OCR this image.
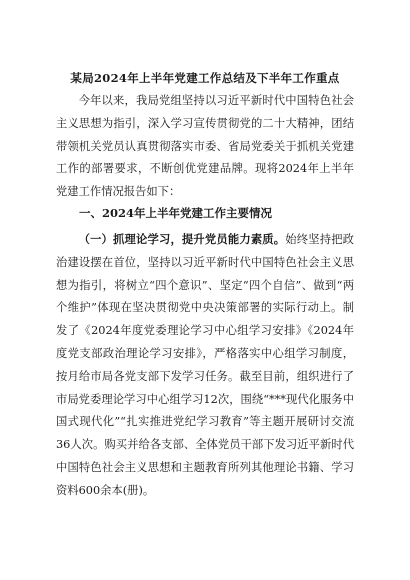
某局2024年上半年党建工作总结及下半年工作重点

今年以来，我局党组坚持以习近平新时代中国特色社会主义思想为指引，深入学习宣传贯彻党的二十大精神，团结带领机关党员认真贯彻落实市委、省局党委关于抓机关党建工作的部署要求，不断创优党建品牌。现将2024年上半年党建工作情况报告如下：

一、2024年上半年党建工作主要情况

（一）抓理论学习，提升党员能力素质。始终坚持把政治建设摆在首位，坚持以习近平新时代中国特色社会主义思想为指引，将树立“四个意识”、坚定“四个自信”、做到“两个维护”体现在坚决贯彻党中央决策部署的实际行动上。制发了《2024年度党委理论学习中心组学习安排》《2024年度党支部政治理论学习安排》，严格落实中心组学习制度，按月给市局各党支部下发学习任务。截至目前，组织进行了市局党委理论学习中心组学习12次，围绕“***现代化服务中国式现代化”“扎实推进党纪学习教育”等主题开展研讨交流36人次。购买并给各支部、全体党员干部下发习近平新时代中国特色社会主义思想和主题教育所列其他理论书籍、学习资料600余本(册)。
